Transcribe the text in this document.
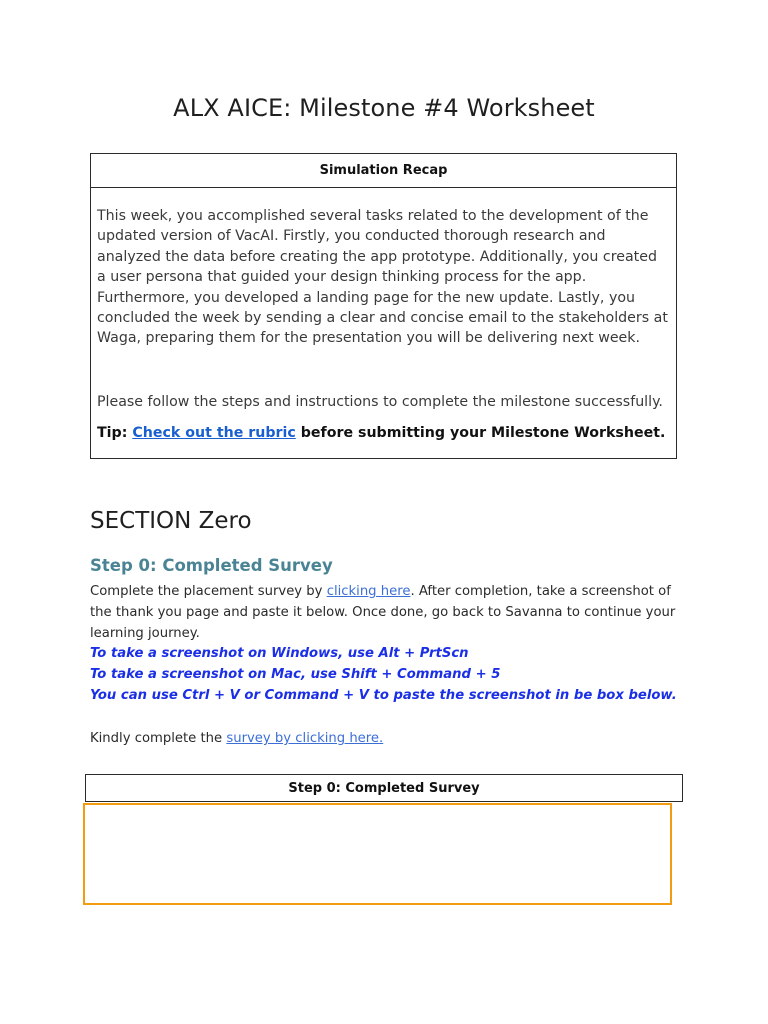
ALX AICE: Milestone #4 Worksheet
Simulation Recap

This week, you accomplished several tasks related to the development of the updated version of VacAI. Firstly, you conducted thorough research and analyzed the data before creating the app prototype. Additionally, you created a user persona that guided your design thinking process for the app. Furthermore, you developed a landing page for the new update. Lastly, you concluded the week by sending a clear and concise email to the stakeholders at Waga, preparing them for the presentation you will be delivering next week.

Please follow the steps and instructions to complete the milestone successfully.

Tip: Check out the rubric before submitting your Milestone Worksheet.

SECTION Zero
Step 0: Completed Survey

Complete the placement survey by clicking here. After completion, take a screenshot of the thank you page and paste it below. Once done, go back to Savanna to continue your learning journey.

To take a screenshot on Windows, use Alt + PrtScn

To take a screenshot on Mac, use Shift + Command + 5

You can use Ctrl + V or Command + V to paste the screenshot in be box below.

Kindly complete the survey by clicking here.

Step 0: Completed Survey
